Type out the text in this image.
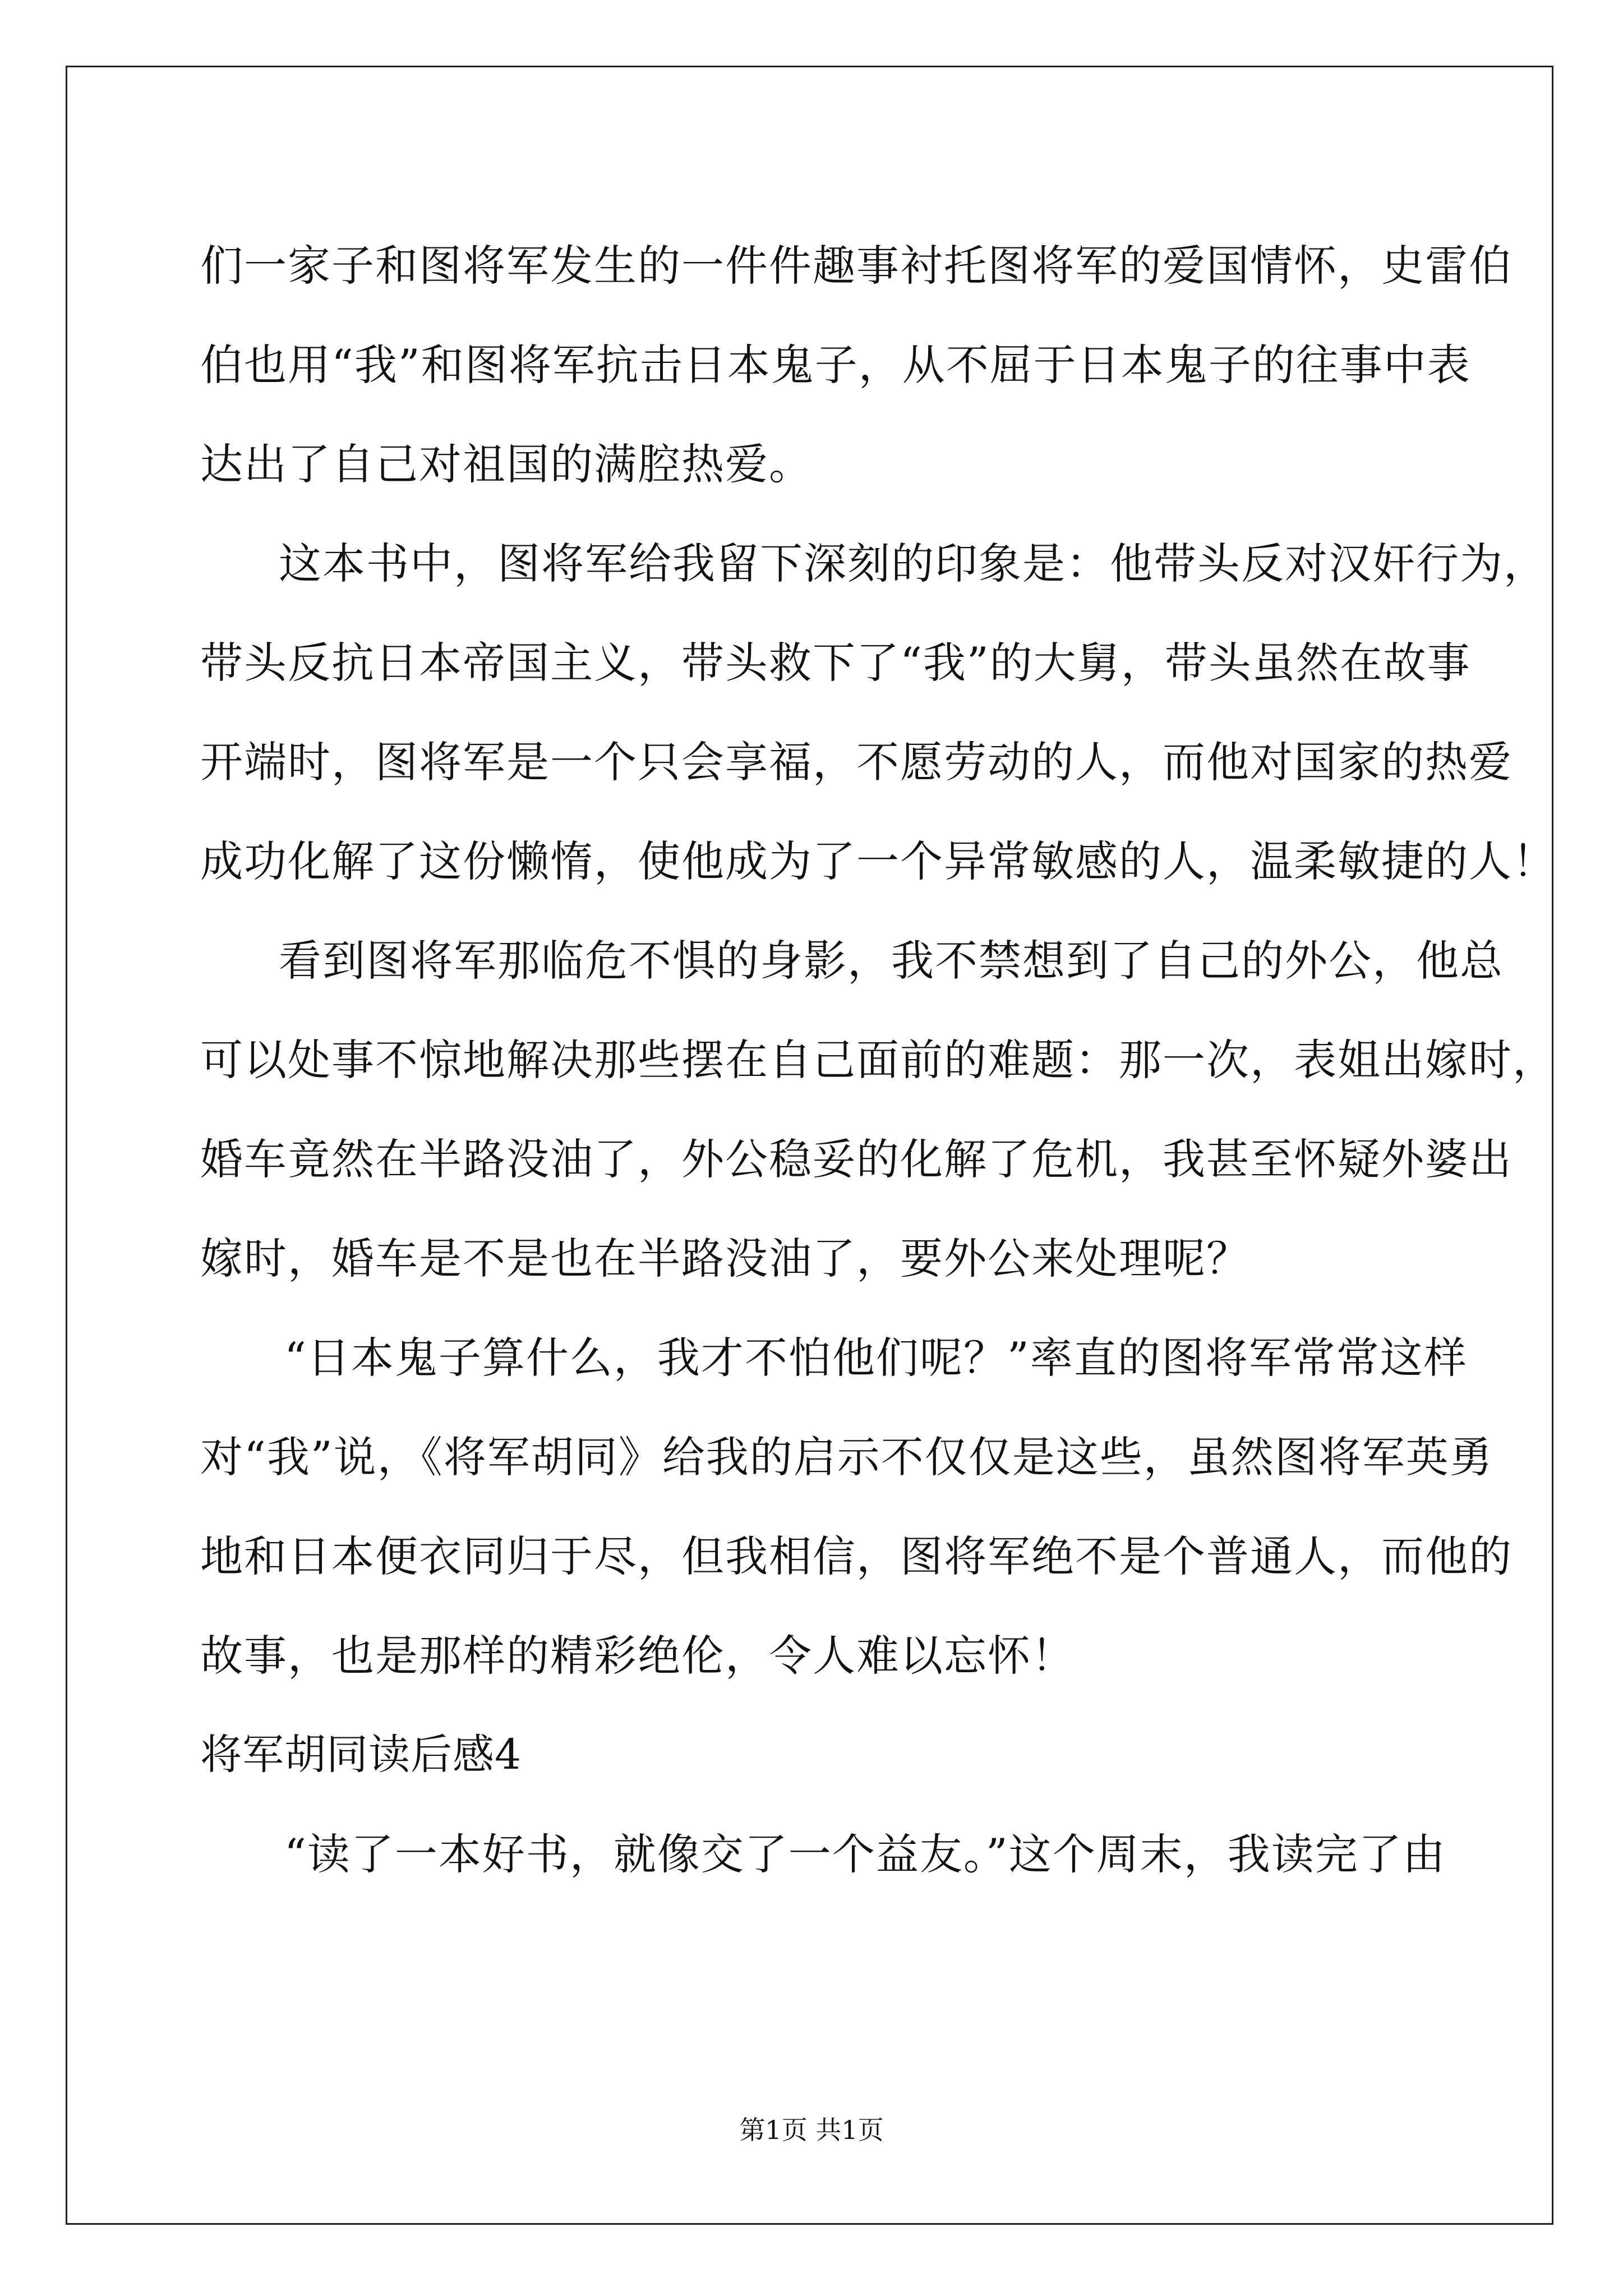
们一家子和图将军发生的一件件趣事衬托图将军的爱国情怀，史雷伯
伯也用“我”和图将军抗击日本鬼子，从不屈于日本鬼子的往事中表
达出了自己对祖国的满腔热爱。
这本书中，图将军给我留下深刻的印象是：他带头反对汉奸行为，
带头反抗日本帝国主义，带头救下了“我”的大舅，带头虽然在故事
开端时，图将军是一个只会享福，不愿劳动的人，而他对国家的热爱
成功化解了这份懒惰，使他成为了一个异常敏感的人，温柔敏捷的人！
看到图将军那临危不惧的身影，我不禁想到了自己的外公，他总
可以处事不惊地解决那些摆在自己面前的难题：那一次，表姐出嫁时，
婚车竟然在半路没油了，外公稳妥的化解了危机，我甚至怀疑外婆出
嫁时，婚车是不是也在半路没油了，要外公来处理呢？
“日本鬼子算什么，我才不怕他们呢？”率直的图将军常常这样
对“我”说，《将军胡同》给我的启示不仅仅是这些，虽然图将军英勇
地和日本便衣同归于尽，但我相信，图将军绝不是个普通人，而他的
故事，也是那样的精彩绝伦，令人难以忘怀！
将军胡同读后感4
“读了一本好书，就像交了一个益友。”这个周末，我读完了由
第1页 共1页
